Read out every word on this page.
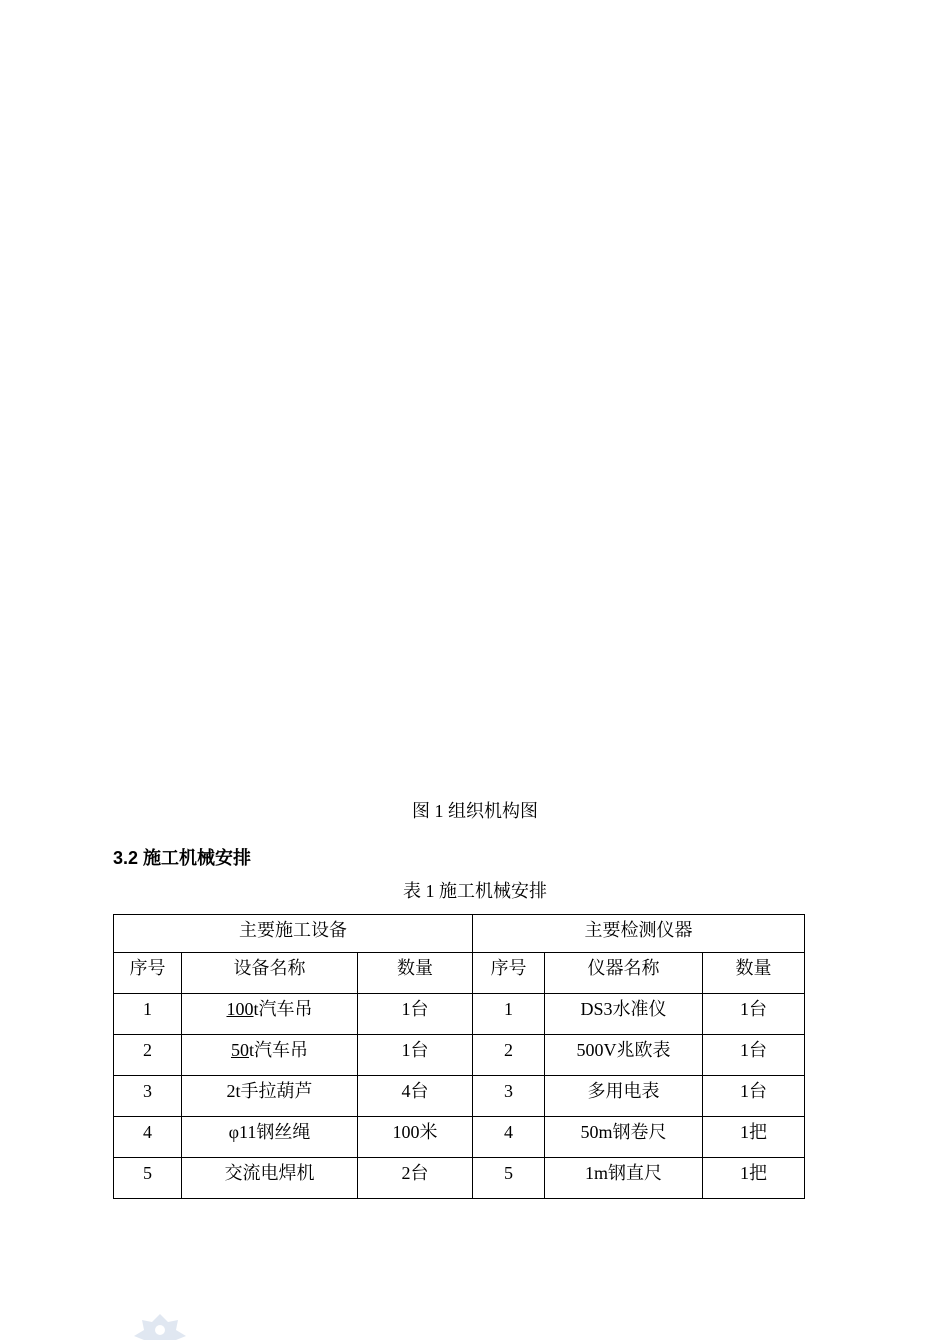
图 1 组织机构图
3.2 施工机械安排
表 1 施工机械安排
主要施工设备			主要检测仪器		
序号	设备名称	数量	序号	仪器名称	数量
1	100t汽车吊	1台	1	DS3水准仪	1台
2	50t汽车吊	1台	2	500V兆欧表	1台
3	2t手拉葫芦	4台	3	多用电表	1台
4	φ11钢丝绳	100米	4	50m钢卷尺	1把
5	交流电焊机	2台	5	1m钢直尺	1把
